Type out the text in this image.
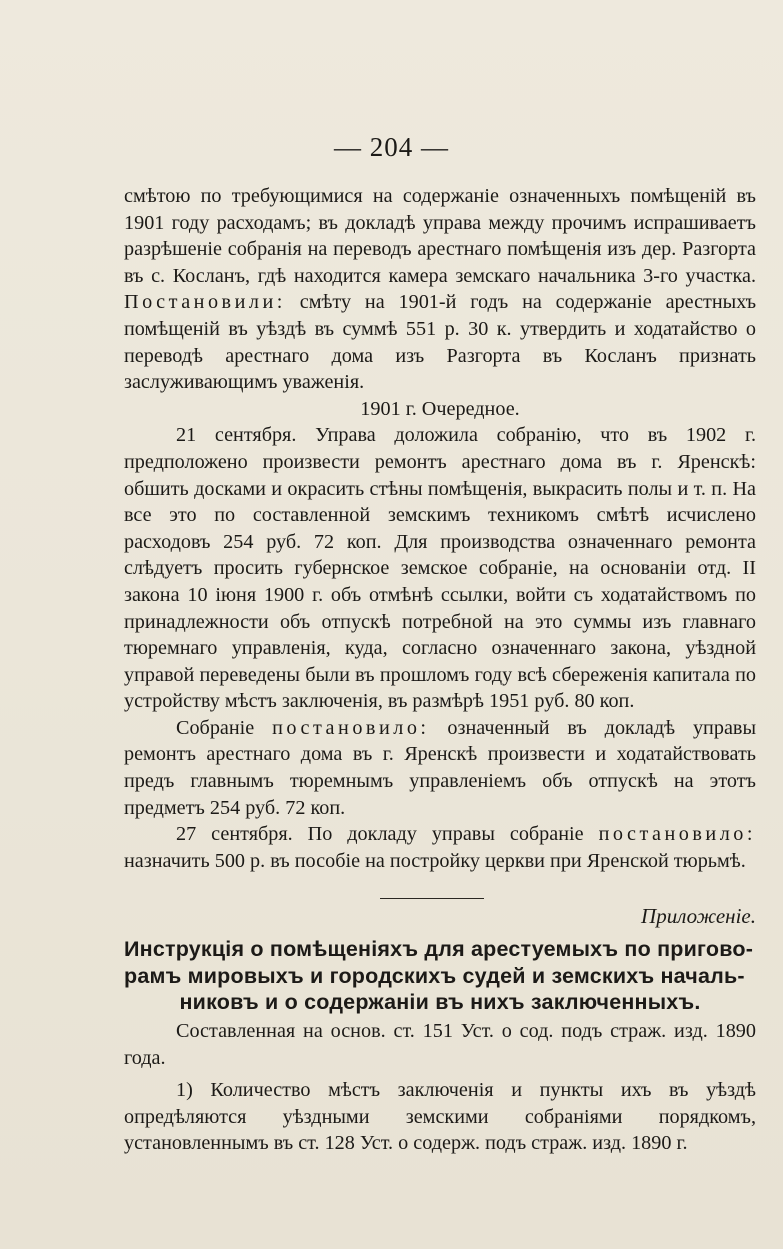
— 204 —

смѣтою по требующимися на содержаніе означенныхъ помѣщеній въ 1901 году расходамъ; въ докладѣ управа между прочимъ испрашиваетъ разрѣшеніе собранія на переводъ арестнаго помѣщенія изъ дер. Разгорта въ с. Косланъ, гдѣ находится камера земскаго начальника 3-го участка. Постановили: смѣту на 1901-й годъ на содержаніе арестныхъ помѣщеній въ уѣздѣ въ суммѣ 551 р. 30 к. утвердить и ходатайство о переводѣ арестнаго дома изъ Разгорта въ Косланъ признать заслуживающимъ уваженія.

1901 г. Очередное.

21 сентября. Управа доложила собранію, что въ 1902 г. предположено произвести ремонтъ арестнаго дома въ г. Яренскѣ: обшить досками и окрасить стѣны помѣщенія, выкрасить полы и т. п. На все это по составленной земскимъ техникомъ смѣтѣ исчислено расходовъ 254 руб. 72 коп. Для производства означеннаго ремонта слѣдуетъ просить губернское земское собраніе, на основаніи отд. II закона 10 іюня 1900 г. объ отмѣнѣ ссылки, войти съ ходатайствомъ по принадлежности объ отпускѣ потребной на это суммы изъ главнаго тюремнаго управленія, куда, согласно означеннаго закона, уѣздной управой переведены были въ прошломъ году всѣ сбереженія капитала по устройству мѣстъ заключенія, въ размѣрѣ 1951 руб. 80 коп.

Собраніе постановило: означенный въ докладѣ управы ремонтъ арестнаго дома въ г. Яренскѣ произвести и ходатайствовать предъ главнымъ тюремнымъ управленіемъ объ отпускѣ на этотъ предметъ 254 руб. 72 коп.

27 сентября. По докладу управы собраніе постановило: назначить 500 р. въ пособіе на постройку церкви при Яренской тюрьмѣ.

Приложеніе.
Инструкція о помѣщеніяхъ для арестуемыхъ по пригово-
рамъ мировыхъ и городскихъ судей и земскихъ началь-
никовъ и о содержаніи въ нихъ заключенныхъ.

Составленная на основ. ст. 151 Уст. о сод. подъ страж. изд. 1890 года.

1) Количество мѣстъ заключенія и пункты ихъ въ уѣздѣ опредѣляются уѣздными земскими собраніями порядкомъ, установленнымъ въ ст. 128 Уст. о содерж. подъ страж. изд. 1890 г.
